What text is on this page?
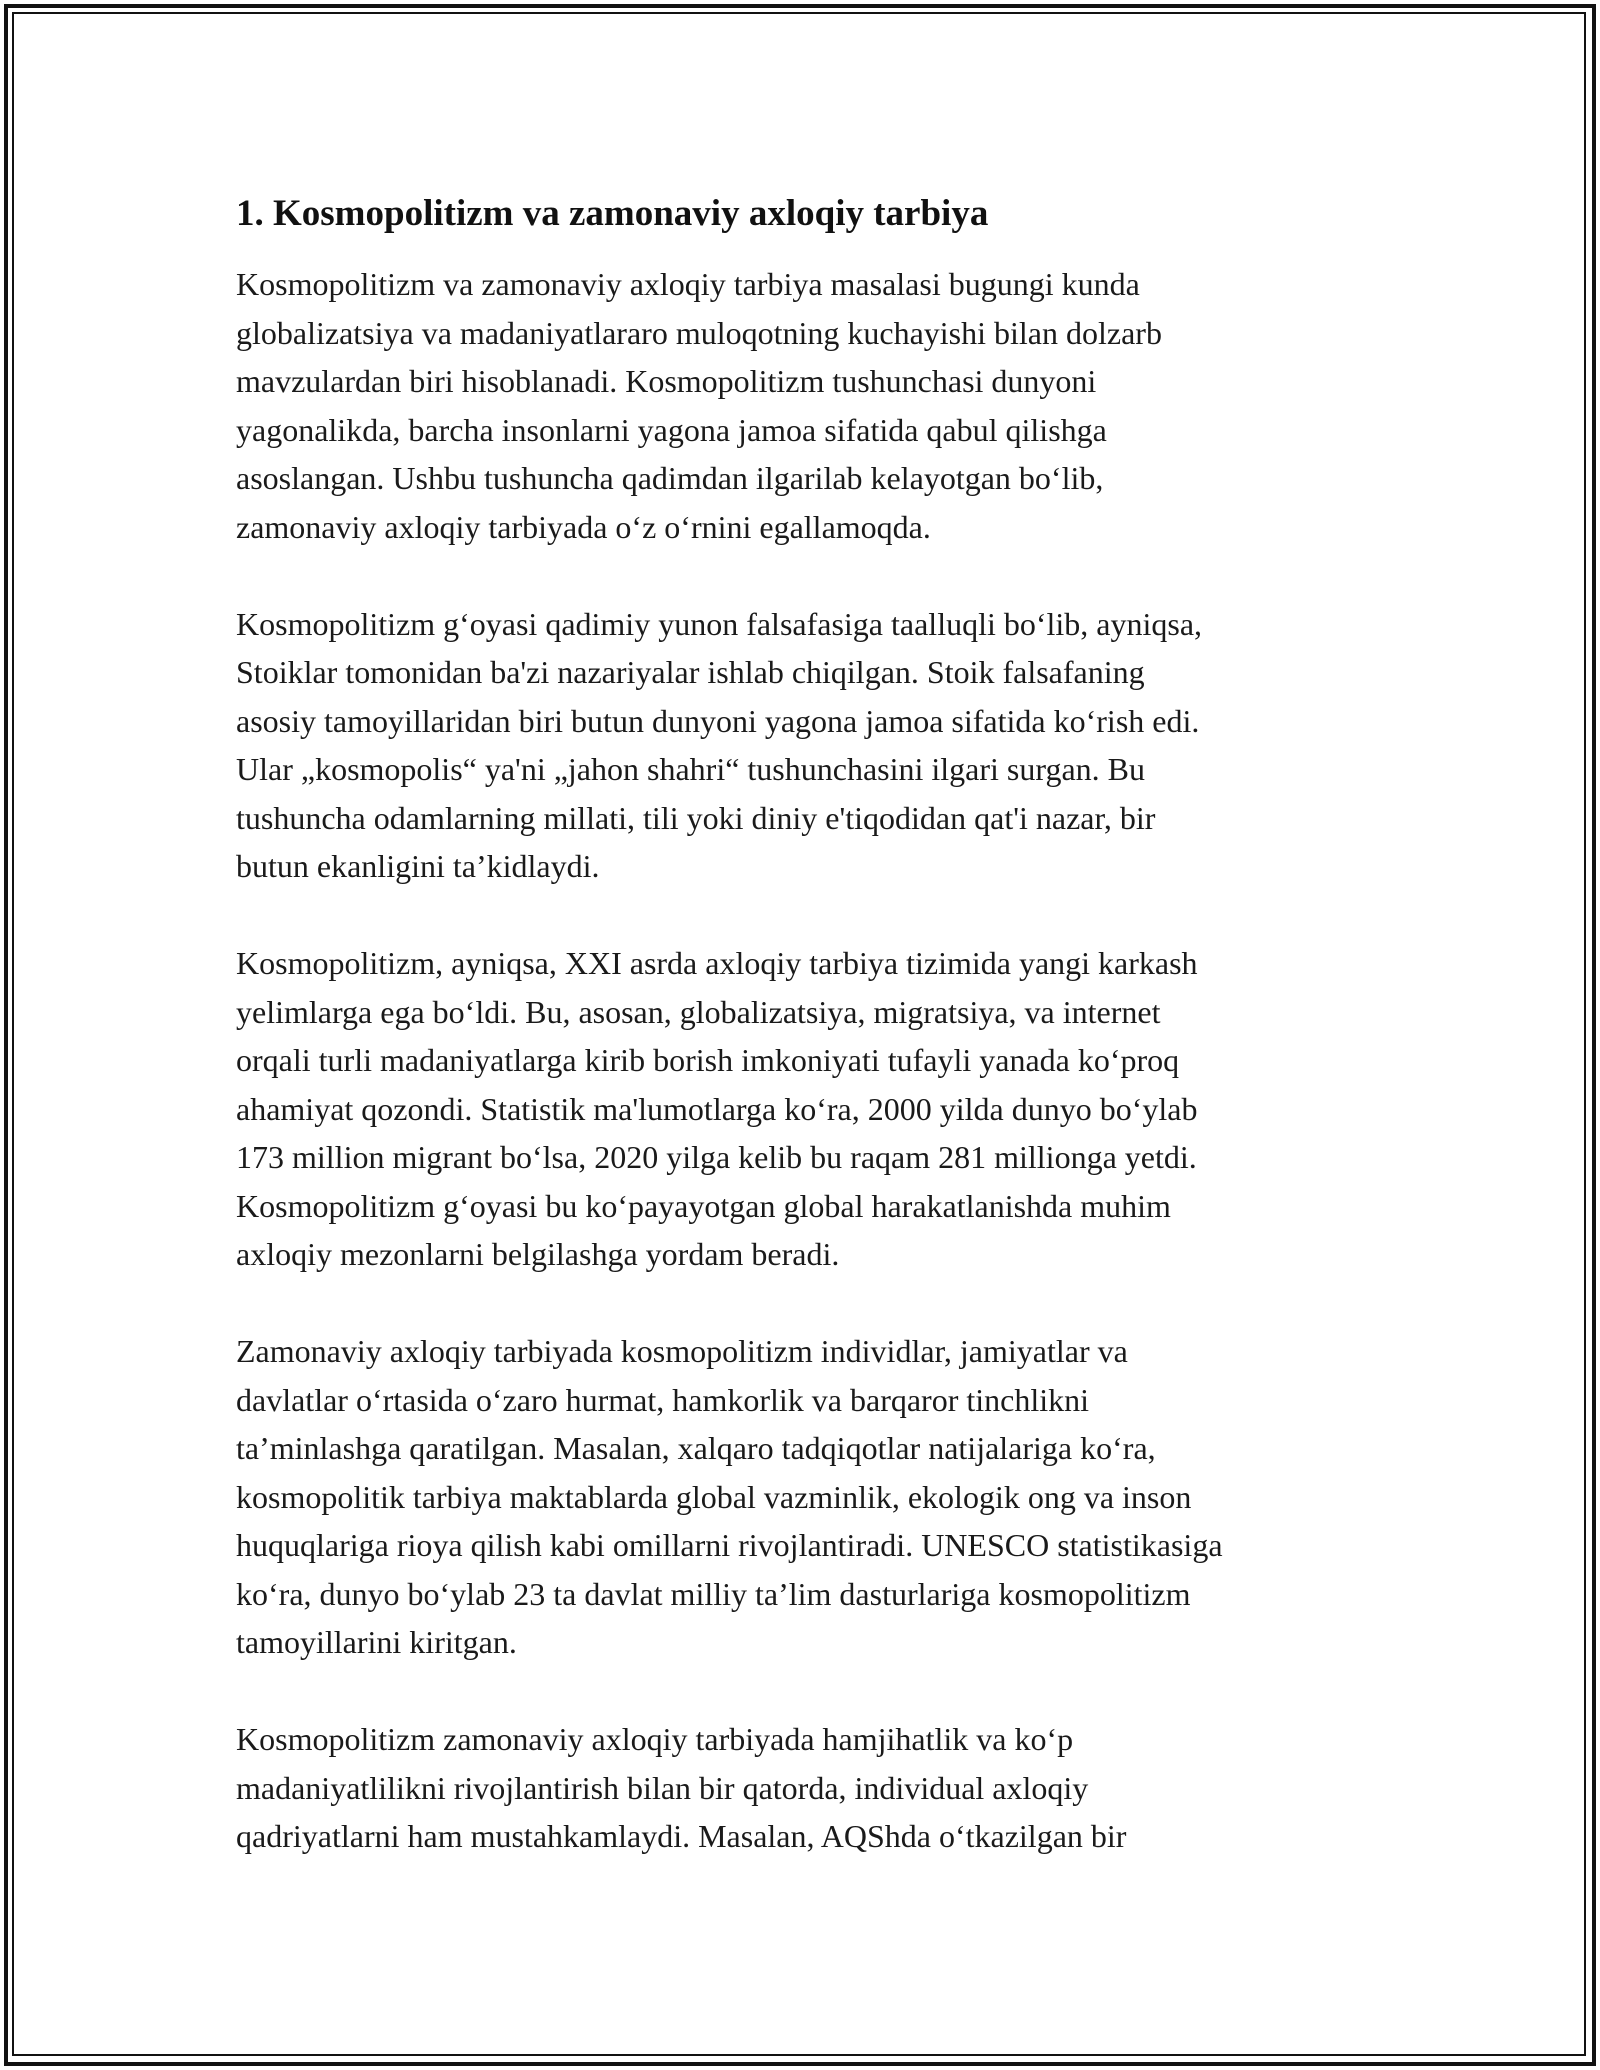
1. Kosmopolitizm va zamonaviy axloqiy tarbiya

Kosmopolitizm va zamonaviy axloqiy tarbiya masalasi bugungi kunda
globalizatsiya va madaniyatlararo muloqotning kuchayishi bilan dolzarb
mavzulardan biri hisoblanadi. Kosmopolitizm tushunchasi dunyoni
yagonalikda, barcha insonlarni yagona jamoa sifatida qabul qilishga
asoslangan. Ushbu tushuncha qadimdan ilgarilab kelayotgan bo‘lib,
zamonaviy axloqiy tarbiyada o‘z o‘rnini egallamoqda.

Kosmopolitizm g‘oyasi qadimiy yunon falsafasiga taalluqli bo‘lib, ayniqsa,
Stoiklar tomonidan ba'zi nazariyalar ishlab chiqilgan. Stoik falsafaning
asosiy tamoyillaridan biri butun dunyoni yagona jamoa sifatida ko‘rish edi.
Ular „kosmopolis“ ya'ni „jahon shahri“ tushunchasini ilgari surgan. Bu
tushuncha odamlarning millati, tili yoki diniy e'tiqodidan qat'i nazar, bir
butun ekanligini ta’kidlaydi.

Kosmopolitizm, ayniqsa, XXI asrda axloqiy tarbiya tizimida yangi karkash
yelimlarga ega bo‘ldi. Bu, asosan, globalizatsiya, migratsiya, va internet
orqali turli madaniyatlarga kirib borish imkoniyati tufayli yanada ko‘proq
ahamiyat qozondi. Statistik ma'lumotlarga ko‘ra, 2000 yilda dunyo bo‘ylab
173 million migrant bo‘lsa, 2020 yilga kelib bu raqam 281 millionga yetdi.
Kosmopolitizm g‘oyasi bu ko‘payayotgan global harakatlanishda muhim
axloqiy mezonlarni belgilashga yordam beradi.

Zamonaviy axloqiy tarbiyada kosmopolitizm individlar, jamiyatlar va
davlatlar o‘rtasida o‘zaro hurmat, hamkorlik va barqaror tinchlikni
ta’minlashga qaratilgan. Masalan, xalqaro tadqiqotlar natijalariga ko‘ra,
kosmopolitik tarbiya maktablarda global vazminlik, ekologik ong va inson
huquqlariga rioya qilish kabi omillarni rivojlantiradi. UNESCO statistikasiga
ko‘ra, dunyo bo‘ylab 23 ta davlat milliy ta’lim dasturlariga kosmopolitizm
tamoyillarini kiritgan.

Kosmopolitizm zamonaviy axloqiy tarbiyada hamjihatlik va ko‘p
madaniyatlilikni rivojlantirish bilan bir qatorda, individual axloqiy
qadriyatlarni ham mustahkamlaydi. Masalan, AQShda o‘tkazilgan bir
